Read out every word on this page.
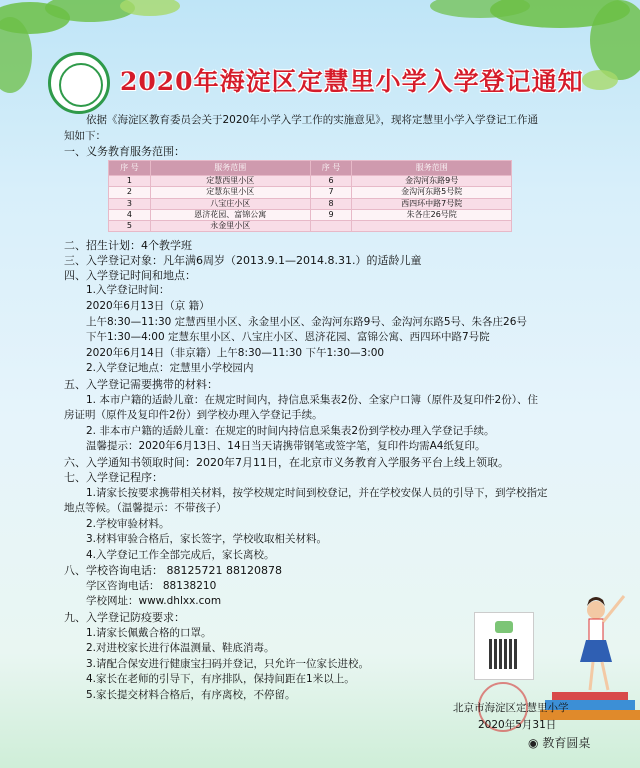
2020年海淀区定慧里小学入学登记通知
依据《海淀区教育委员会关于2020年小学入学工作的实施意见》，现将定慧里小学入学登记工作通
知如下：
一、义务教育服务范围：
序 号	服务范围	序 号	服务范围
1	定慧西里小区	6	金沟河东路9号
2	定慧东里小区	7	金沟河东路5号院
3	八宝庄小区	8	西四环中路7号院
4	恩济花园、富锦公寓	9	朱各庄26号院
5	永金里小区		
二、招生计划：4个教学班
三、入学登记对象：凡年满6周岁（2013.9.1—2014.8.31.）的适龄儿童
四、入学登记时间和地点：
1.入学登记时间：
2020年6月13日（京 籍）
上午8:30—11:30 定慧西里小区、永金里小区、金沟河东路9号、金沟河东路5号、朱各庄26号
下午1:30—4:00 定慧东里小区、八宝庄小区、恩济花园、富锦公寓、西四环中路7号院
2020年6月14日（非京籍）上午8:30—11:30 下午1:30—3:00
2.入学登记地点：定慧里小学校园内
五、入学登记需要携带的材料：
1. 本市户籍的适龄儿童：在规定时间内，持信息采集表2份、全家户口簿（原件及复印件2份）、住
房证明（原件及复印件2份）到学校办理入学登记手续。
2. 非本市户籍的适龄儿童：在规定的时间内持信息采集表2份到学校办理入学登记手续。
温馨提示：2020年6月13日、14日当天请携带钢笔或签字笔，复印件均需A4纸复印。
六、入学通知书领取时间：2020年7月11日，在北京市义务教育入学服务平台上线上领取。
七、入学登记程序：
1.请家长按要求携带相关材料，按学校规定时间到校登记，并在学校安保人员的引导下，到学校指定
地点等候。（温馨提示：不带孩子）
2.学校审验材料。
3.材料审验合格后，家长签字，学校收取相关材料。
4.入学登记工作全部完成后，家长离校。
八、学校咨询电话： 88125721 88120878
学区咨询电话： 88138210
学校网址：www.dhlxx.com
九、入学登记防疫要求：
1.请家长佩戴合格的口罩。
2.对进校家长进行体温测量、鞋底消毒。
3.请配合保安进行健康宝扫码并登记，只允许一位家长进校。
4.家长在老师的引导下，有序排队，保持间距在1米以上。
5.家长提交材料合格后，有序离校，不停留。
北京市海淀区定慧里小学
2020年5月31日
◉ 教育圆桌
